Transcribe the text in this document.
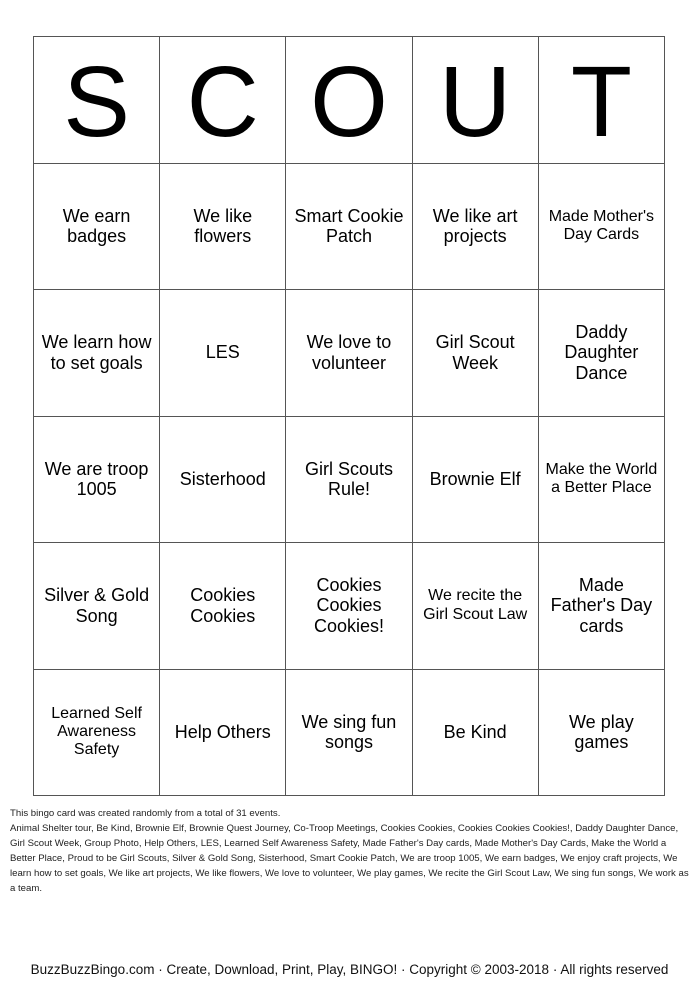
S	C	O	U	T
We earn badges	We like flowers	Smart Cookie Patch	We like art projects	Made Mother's Day Cards
We learn how to set goals	LES	We love to volunteer	Girl Scout Week	Daddy Daughter Dance
We are troop 1005	Sisterhood	Girl Scouts Rule!	Brownie Elf	Make the World a Better Place
Silver & Gold Song	Cookies Cookies	Cookies Cookies Cookies!	We recite the Girl Scout Law	Made Father's Day cards
Learned Self Awareness Safety	Help Others	We sing fun songs	Be Kind	We play games
This bingo card was created randomly from a total of 31 events.
Animal Shelter tour, Be Kind, Brownie Elf, Brownie Quest Journey, Co-Troop Meetings, Cookies Cookies, Cookies Cookies Cookies!, Daddy Daughter Dance, Girl Scout Week, Group Photo, Help Others, LES, Learned Self Awareness Safety, Made Father's Day cards, Made Mother's Day Cards, Make the World a Better Place, Proud to be Girl Scouts, Silver & Gold Song, Sisterhood, Smart Cookie Patch, We are troop 1005, We earn badges, We enjoy craft projects, We learn how to set goals, We like art projects, We like flowers, We love to volunteer, We play games, We recite the Girl Scout Law, We sing fun songs, We work as a team.
BuzzBuzzBingo.com · Create, Download, Print, Play, BINGO! · Copyright © 2003-2018 · All rights reserved
